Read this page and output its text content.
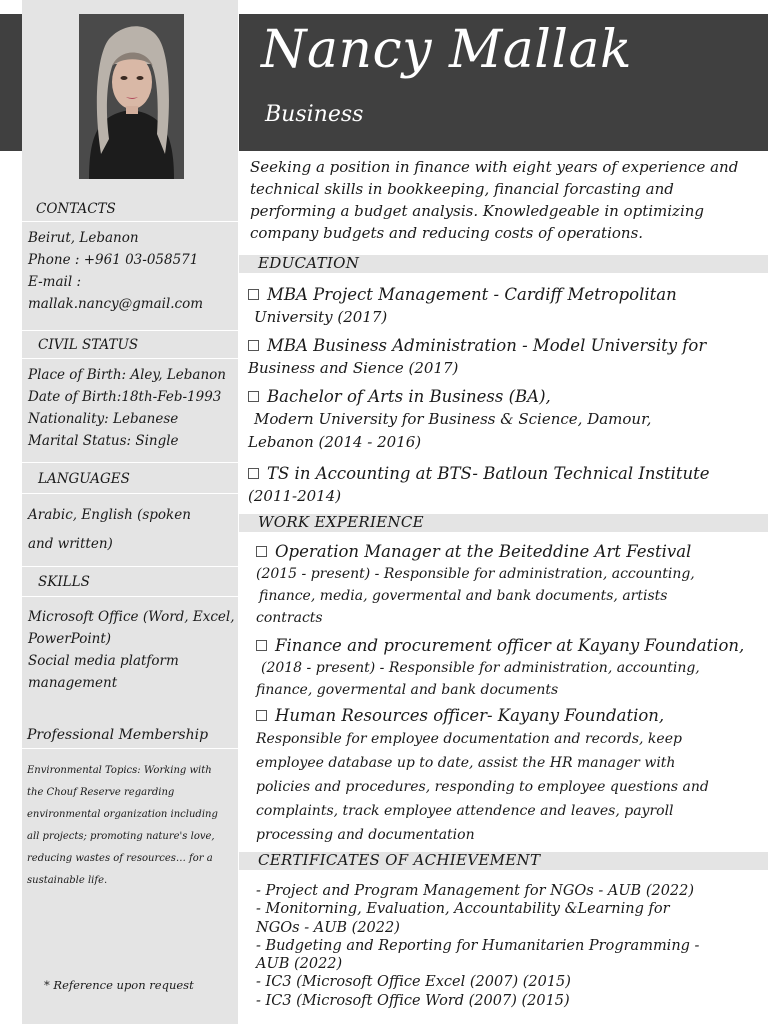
Nancy Mallak
Business
CONTACTS
Beirut, Lebanon
Phone : +961 03-058571
E-mail :
mallak.nancy@gmail.com
CIVIL STATUS
Place of Birth: Aley, Lebanon
Date of Birth:18th-Feb-1993
Nationality: Lebanese
Marital Status: Single
LANGUAGES
Arabic, English (spoken
and written)
SKILLS
Microsoft Office (Word, Excel,
PowerPoint)
Social media platform
management
Professional Membership
Environmental Topics: Working with
the Chouf Reserve regarding
environmental organization including
all projects; promoting nature's love,
reducing wastes of resources… for a
sustainable life.
* Reference upon request
Seeking a position in finance with eight years of experience and technical skills in bookkeeping, financial forcasting and performing a budget analysis. Knowledgeable in optimizing company budgets and reducing costs of operations.
EDUCATION
MBA Project Management - Cardiff Metropolitan
University (2017)
MBA Business Administration - Model University for
Business and Sience (2017)
Bachelor of Arts in Business (BA),
Modern University for Business & Science, Damour,
Lebanon (2014 - 2016)
TS in Accounting at BTS- Batloun Technical Institute
(2011-2014)
WORK EXPERIENCE
Operation Manager at the Beiteddine Art Festival
(2015 - present) - Responsible for administration, accounting,
finance, media, govermental and bank documents, artists
contracts
Finance and procurement officer at Kayany Foundation,
(2018 - present) - Responsible for administration, accounting,
finance, govermental and bank documents
Human Resources officer- Kayany Foundation,
Responsible for employee documentation and records, keep
employee database up to date, assist the HR manager with
policies and procedures, responding to employee questions and
complaints, track employee attendence and leaves, payroll
processing and documentation
CERTIFICATES OF ACHIEVEMENT
- Project and Program Management for NGOs - AUB (2022)
- Monitorning, Evaluation, Accountability &Learning for
NGOs - AUB (2022)
- Budgeting and Reporting for Humanitarien Programming -
AUB (2022)
- IC3 (Microsoft Office Excel (2007) (2015)
- IC3 (Microsoft Office Word (2007) (2015)
